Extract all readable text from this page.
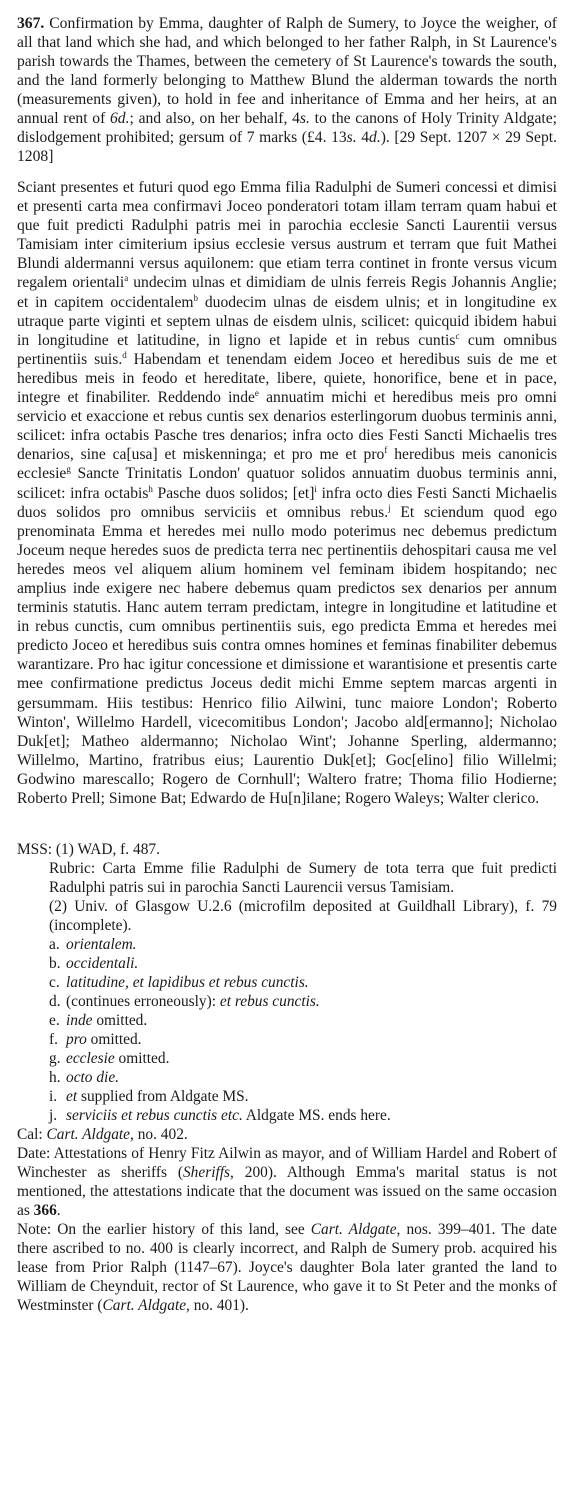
367. Confirmation by Emma, daughter of Ralph de Sumery, to Joyce the weigher, of all that land which she had, and which belonged to her father Ralph, in St Laurence's parish towards the Thames, between the cemetery of St Laurence's towards the south, and the land formerly belonging to Matthew Blund the alderman towards the north (measurements given), to hold in fee and inheritance of Emma and her heirs, at an annual rent of 6d.; and also, on her behalf, 4s. to the canons of Holy Trinity Aldgate; dislodgement prohibited; gersum of 7 marks (£4. 13s. 4d.). [29 Sept. 1207 × 29 Sept. 1208]

Sciant presentes et futuri quod ego Emma filia Radulphi de Sumeri concessi et dimisi et presenti carta mea confirmavi Joceo ponderatori totam illam terram quam habui et que fuit predicti Radulphi patris mei in parochia ecclesie Sancti Laurentii versus Tamisiam inter cimiterium ipsius ecclesie versus austrum et terram que fuit Mathei Blundi aldermanni versus aquilonem: que etiam terra continet in fronte versus vicum regalem orientali$^a$ undecim ulnas et dimidiam de ulnis ferreis Regis Johannis Anglie; et in capitem occidentalem$^b$ duodecim ulnas de eisdem ulnis; et in longitudine ex utraque parte viginti et septem ulnas de eisdem ulnis, scilicet: quicquid ibidem habui in longitudine et latitudine, in ligno et lapide et in rebus cuntis$^c$ cum omnibus pertinentiis suis.$^d$ Habendam et tenendam eidem Joceo et heredibus suis de me et heredibus meis in feodo et hereditate, libere, quiete, honorifice, bene et in pace, integre et finabiliter. Reddendo inde$^e$ annuatim michi et heredibus meis pro omni servicio et exaccione et rebus cuntis sex denarios esterlingorum duobus terminis anni, scilicet: infra octabis Pasche tres denarios; infra octo dies Festi Sancti Michaelis tres denarios, sine ca[usa] et miskenninga; et pro me et pro$^f$ heredibus meis canonicis ecclesie$^g$ Sancte Trinitatis London' quatuor solidos annuatim duobus terminis anni, scilicet: infra octabis$^h$ Pasche duos solidos; [et]$^i$ infra octo dies Festi Sancti Michaelis duos solidos pro omnibus serviciis et omnibus rebus.$^j$ Et sciendum quod ego prenominata Emma et heredes mei nullo modo poterimus nec debemus predictum Joceum neque heredes suos de predicta terra nec pertinentiis dehospitari causa me vel heredes meos vel aliquem alium hominem vel feminam ibidem hospitando; nec amplius inde exigere nec habere debemus quam predictos sex denarios per annum terminis statutis. Hanc autem terram predictam, integre in longitudine et latitudine et in rebus cunctis, cum omnibus pertinentiis suis, ego predicta Emma et heredes mei predicto Joceo et heredibus suis contra omnes homines et feminas finabiliter debemus warantizare. Pro hac igitur concessione et dimissione et warantisione et presentis carte mee confirmatione predictus Joceus dedit michi Emme septem marcas argenti in gersummam. Hiis testibus: Henrico filio Ailwini, tunc maiore London'; Roberto Winton', Willelmo Hardell, vicecomitibus London'; Jacobo ald[ermanno]; Nicholao Duk[et]; Matheo aldermanno; Nicholao Wint'; Johanne Sperling, aldermanno; Willelmo, Martino, fratribus eius; Laurentio Duk[et]; Goc[elino] filio Willelmi; Godwino marescallo; Rogero de Cornhull'; Waltero fratre; Thoma filio Hodierne; Roberto Prell; Simone Bat; Edwardo de Hu[n]ilane; Rogero Waleys; Walter clerico.

MSS: (1) WAD, f. 487.

Rubric: Carta Emme filie Radulphi de Sumery de tota terra que fuit predicti Radulphi patris sui in parochia Sancti Laurencii versus Tamisiam.

(2) Univ. of Glasgow U.2.6 (microfilm deposited at Guildhall Library), f. 79 (incomplete).

a. orientalem.
b. occidentali.
c. latitudine, et lapidibus et rebus cunctis.
d. (continues erroneously): et rebus cunctis.
e. inde omitted.
f. pro omitted.
g. ecclesie omitted.
h. octo die.
i. et supplied from Aldgate MS.
j. serviciis et rebus cunctis etc. Aldgate MS. ends here.

Cal: Cart. Aldgate, no. 402.

Date: Attestations of Henry Fitz Ailwin as mayor, and of William Hardel and Robert of Winchester as sheriffs (Sheriffs, 200). Although Emma's marital status is not mentioned, the attestations indicate that the document was issued on the same occasion as 366.

Note: On the earlier history of this land, see Cart. Aldgate, nos. 399–401. The date there ascribed to no. 400 is clearly incorrect, and Ralph de Sumery prob. acquired his lease from Prior Ralph (1147–67). Joyce's daughter Bola later granted the land to William de Cheynduit, rector of St Laurence, who gave it to St Peter and the monks of Westminster (Cart. Aldgate, no. 401).
